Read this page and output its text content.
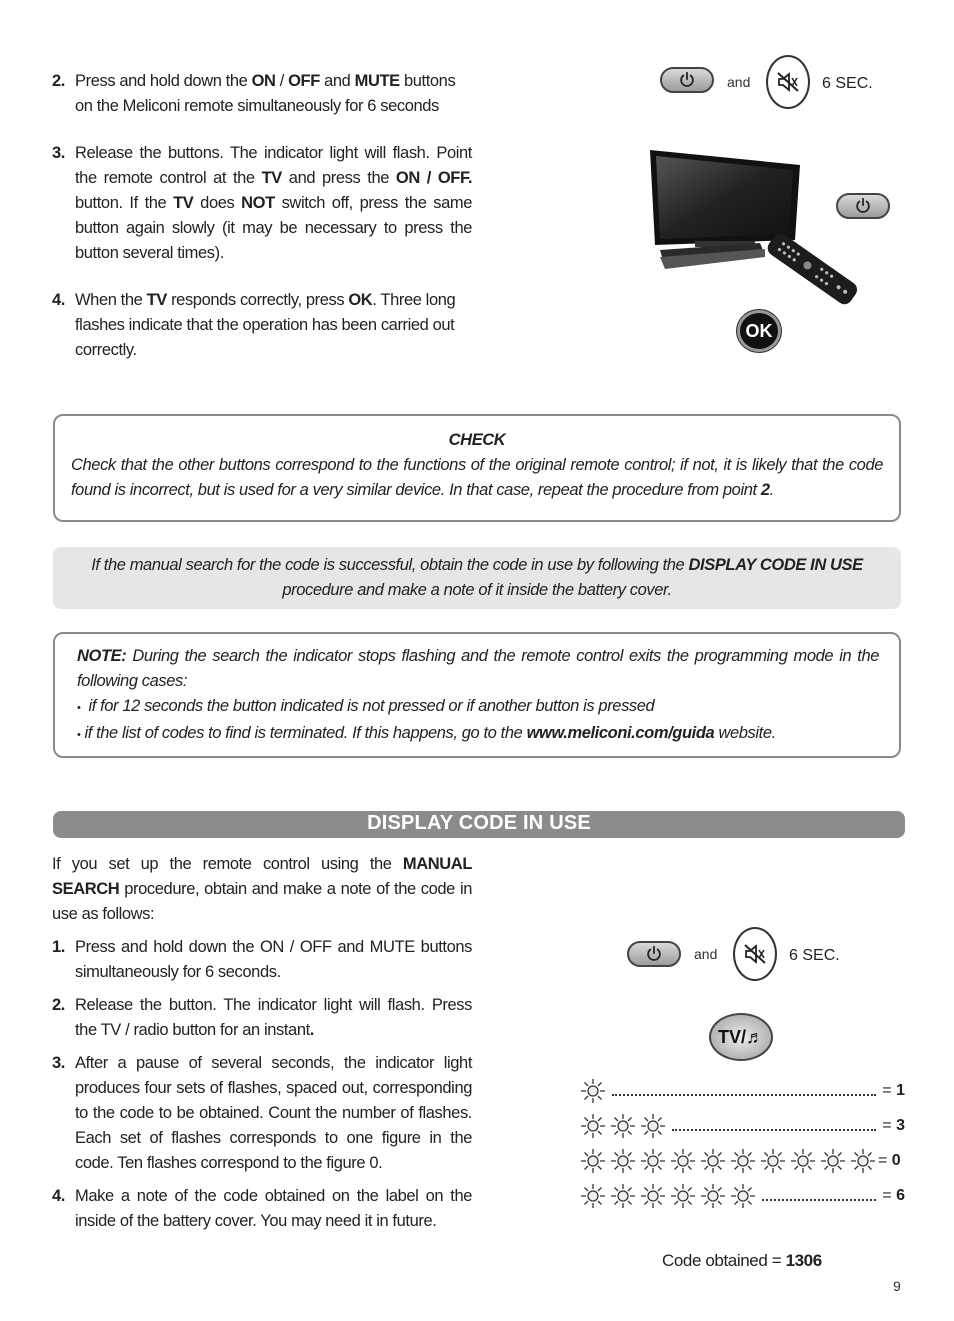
2. Press and hold down the ON / OFF and MUTE buttons on the Meliconi remote simultaneously for 6 seconds
3. Release the buttons. The indicator light will flash. Point the remote control at the TV and press the ON / OFF. button. If the TV does NOT switch off, press the same button again slowly (it may be necessary to press the button several times).
4. When the TV responds correctly, press OK. Three long flashes indicate that the operation has been carried out correctly.
and	6 SEC.
OK
CHECK
Check that the other buttons correspond to the functions of the original remote control; if not, it is likely that the code found is incorrect, but is used for a very similar device. In that case, repeat the procedure from point 2.
If the manual search for the code is successful, obtain the code in use by following the DISPLAY CODE IN USE procedure and make a note of it inside the battery cover.
NOTE: During the search the indicator stops flashing and the remote control exits the programming mode in the following cases:
• if for 12 seconds the button indicated is not pressed or if another button is pressed
• if the list of codes to find is terminated. If this happens, go to the www.meliconi.com/guida website.
DISPLAY CODE IN USE
If you set up the remote control using the MANUAL SEARCH procedure, obtain and make a note of the code in use as follows:
1. Press and hold down the ON / OFF and MUTE buttons simultaneously for 6 seconds.
2. Release the button. The indicator light will flash. Press the TV / radio button for an instant.
3. After a pause of several seconds, the indicator light produces four sets of flashes, spaced out, corresponding to the code to be obtained. Count the number of flashes. Each set of flashes corresponds to one figure in the code. Ten flashes correspond to the figure 0.
4. Make a note of the code obtained on the label on the inside of the battery cover. You may need it in future.
and	6 SEC.
TV/♬
= 1
= 3
= 0
= 6
Code obtained = 1306
9
